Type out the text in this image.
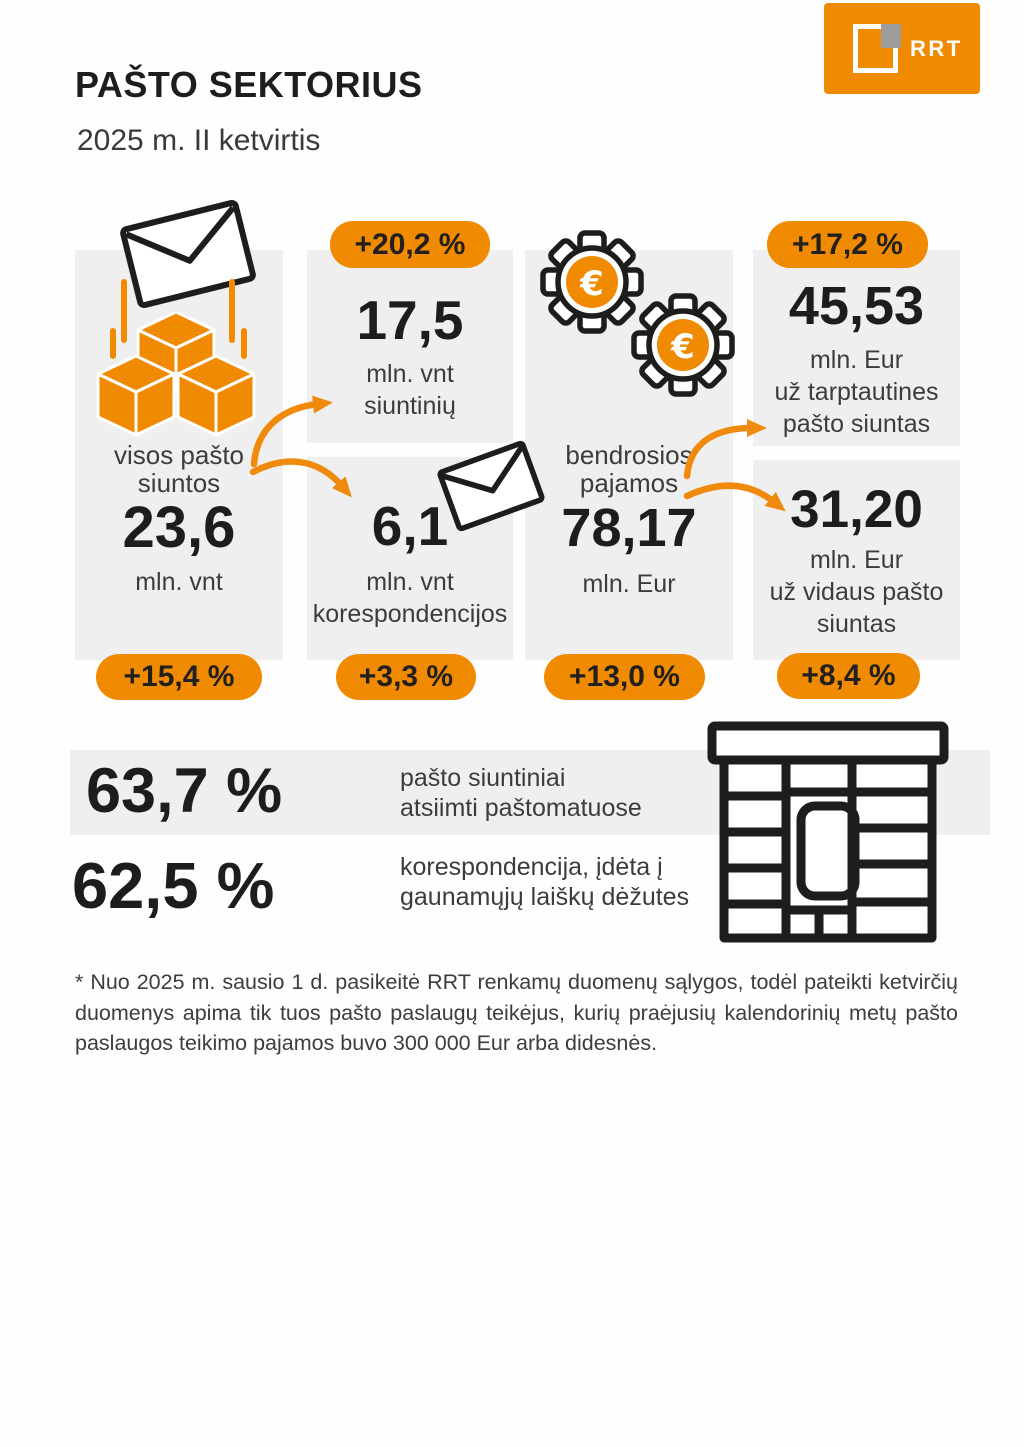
PAŠTO SEKTORIUS
2025 m. II ketvirtis
RRT
visos pašto
siuntos
23,6
mln. vnt
+15,4 %
+20,2 %
17,5
mln. vnt
siuntinių
6,1
mln. vnt
korespondencijos
+3,3 %
€
€
bendrosios
pajamos
78,17
mln. Eur
+13,0 %
+17,2 %
45,53
mln. Eur
už tarptautines
pašto siuntas
31,20
mln. Eur
už vidaus pašto
siuntas
+8,4 %
63,7 %	pašto siuntiniai
atsiimti paštomatuose
62,5 %	korespondencija, įdėta į
gaunamųjų laiškų dėžutes
* Nuo 2025 m. sausio 1 d. pasikeitė RRT renkamų duomenų sąlygos, todėl pateikti ketvirčių duomenys apima tik tuos pašto paslaugų teikėjus, kurių praėjusių kalendorinių metų pašto paslaugos teikimo pajamos buvo 300 000 Eur arba didesnės.
